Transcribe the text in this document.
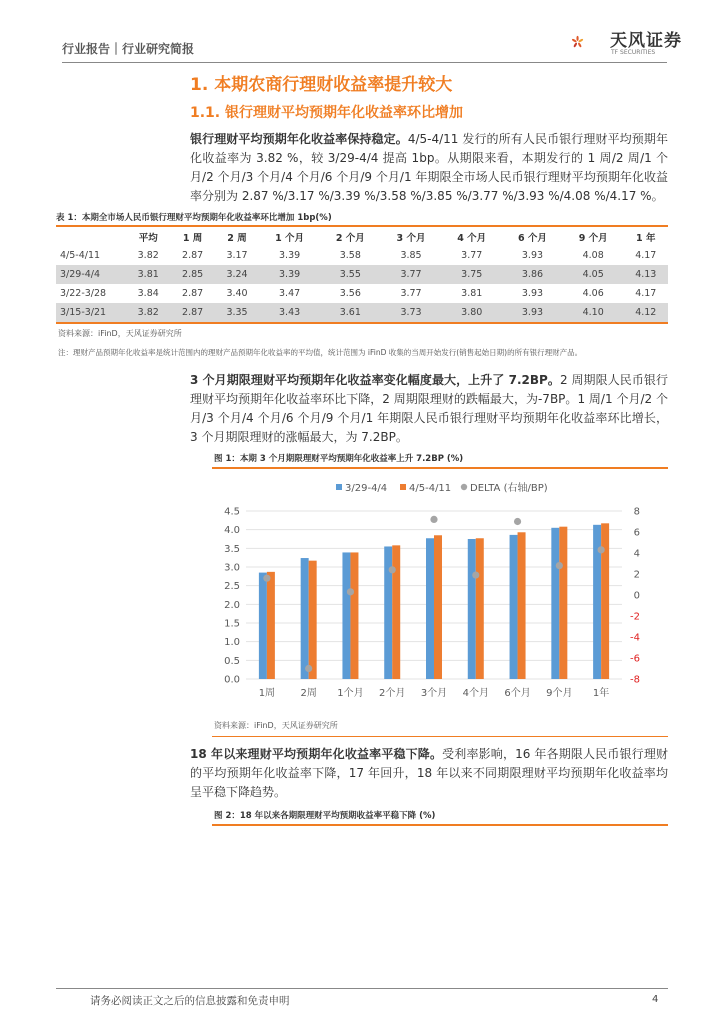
行业报告｜行业研究简报	天风证券
TF SECURITIES
1. 本期农商行理财收益率提升较大
1.1. 银行理财平均预期年化收益率环比增加
银行理财平均预期年化收益率保持稳定。4/5-4/11 发行的所有人民币银行理财平均预期年化收益率为 3.82 %，较 3/29-4/4 提高 1bp。从期限来看，本期发行的 1 周/2 周/1 个月/2 个月/3 个月/4 个月/6 个月/9 个月/1 年期限全市场人民币银行理财平均预期年化收益率分别为 2.87 %/3.17 %/3.39 %/3.58 %/3.85 %/3.77 %/3.93 %/4.08 %/4.17 %。
表 1：本期全市场人民币银行理财平均预期年化收益率环比增加 1bp(%)
	平均	1 周	2 周	1 个月	2 个月	3 个月	4 个月	6 个月	9 个月	1 年
4/5-4/11	3.82	2.87	3.17	3.39	3.58	3.85	3.77	3.93	4.08	4.17
3/29-4/4	3.81	2.85	3.24	3.39	3.55	3.77	3.75	3.86	4.05	4.13
3/22-3/28	3.84	2.87	3.40	3.47	3.56	3.77	3.81	3.93	4.06	4.17
3/15-3/21	3.82	2.87	3.35	3.43	3.61	3.73	3.80	3.93	4.10	4.12
资料来源：iFinD，天风证券研究所
注：理财产品预期年化收益率是统计范围内的理财产品预期年化收益率的平均值，统计范围为 iFinD 收集的当周开始发行(销售起始日期)的所有银行理财产品。
3 个月期限理财平均预期年化收益率变化幅度最大，上升了 7.2BP。2 周期限人民币银行理财平均预期年化收益率环比下降，2 周期限理财的跌幅最大，为-7BP。1 周/1 个月/2 个月/3 个月/4 个月/6 个月/9 个月/1 年期限人民币银行理财平均预期年化收益率环比增长，3 个月期限理财的涨幅最大，为 7.2BP。
图 1：本期 3 个月期限理财平均预期年化收益率上升 7.2BP (%)
0.0
0.5
1.0
1.5
2.0
2.5
3.0
3.5
4.0
4.5
-8
-6
-4
-2
0
2
4
6
8
1周	2周 1个月 2个月 3个月 4个月 6个月 9个月 1年
3/29-4/4 4/5-4/11 DELTA (右轴/BP)
资料来源：iFinD，天风证券研究所
18 年以来理财平均预期年化收益率平稳下降。受利率影响，16 年各期限人民币银行理财的平均预期年化收益率下降，17 年回升，18 年以来不同期限理财平均预期年化收益率均呈平稳下降趋势。
图 2：18 年以来各期限理财平均预期收益率平稳下降 (%)
请务必阅读正文之后的信息披露和免责申明	4
